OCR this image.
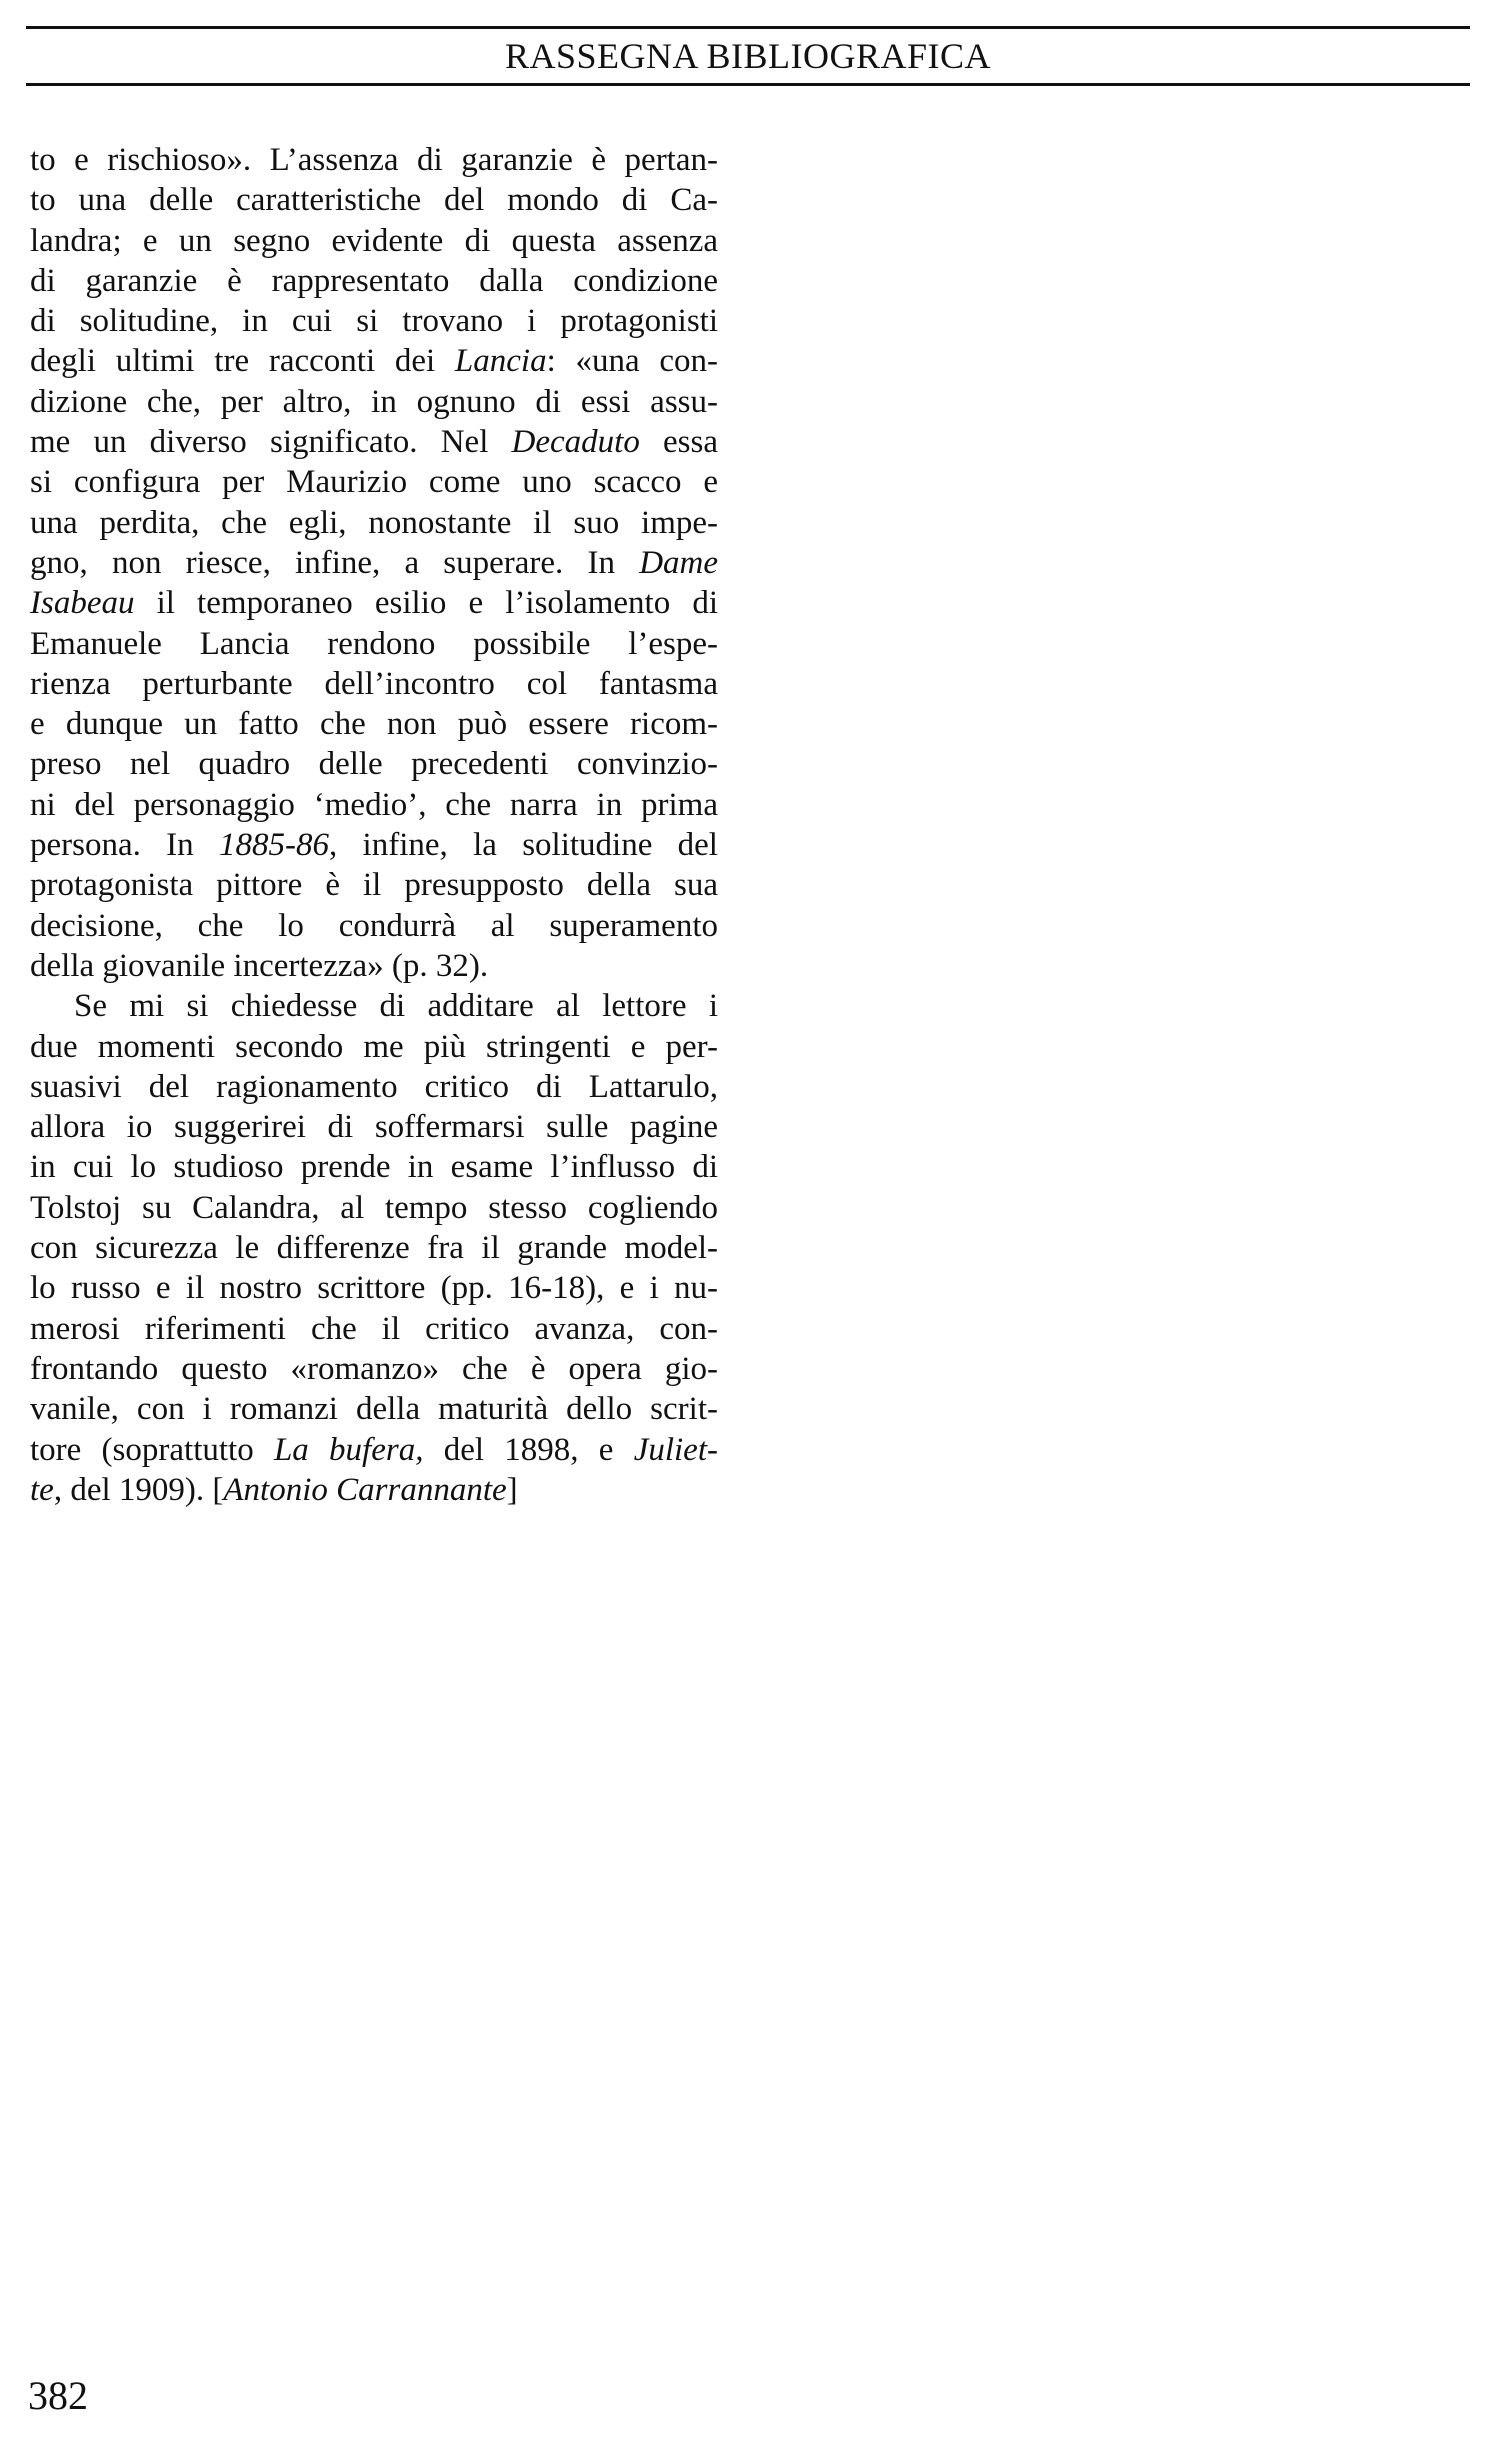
RASSEGNA BIBLIOGRAFICA
to e rischioso». L’assenza di garanzie è pertan-
to una delle caratteristiche del mondo di Ca-
landra; e un segno evidente di questa assenza
di garanzie è rappresentato dalla condizione
di solitudine, in cui si trovano i protagonisti
degli ultimi tre racconti dei Lancia: «una con-
dizione che, per altro, in ognuno di essi assu-
me un diverso significato. Nel Decaduto essa
si configura per Maurizio come uno scacco e
una perdita, che egli, nonostante il suo impe-
gno, non riesce, infine, a superare. In Dame
Isabeau il temporaneo esilio e l’isolamento di
Emanuele Lancia rendono possibile l’espe-
rienza perturbante dell’incontro col fantasma
e dunque un fatto che non può essere ricom-
preso nel quadro delle precedenti convinzio-
ni del personaggio ‘medio’, che narra in prima
persona. In 1885-86, infine, la solitudine del
protagonista pittore è il presupposto della sua
decisione, che lo condurrà al superamento
della giovanile incertezza» (p. 32).
Se mi si chiedesse di additare al lettore i
due momenti secondo me più stringenti e per-
suasivi del ragionamento critico di Lattarulo,
allora io suggerirei di soffermarsi sulle pagine
in cui lo studioso prende in esame l’influsso di
Tolstoj su Calandra, al tempo stesso cogliendo
con sicurezza le differenze fra il grande model-
lo russo e il nostro scrittore (pp. 16-18), e i nu-
merosi riferimenti che il critico avanza, con-
frontando questo «romanzo» che è opera gio-
vanile, con i romanzi della maturità dello scrit-
tore (soprattutto La bufera, del 1898, e Juliet-
te, del 1909). [Antonio Carrannante]
382
